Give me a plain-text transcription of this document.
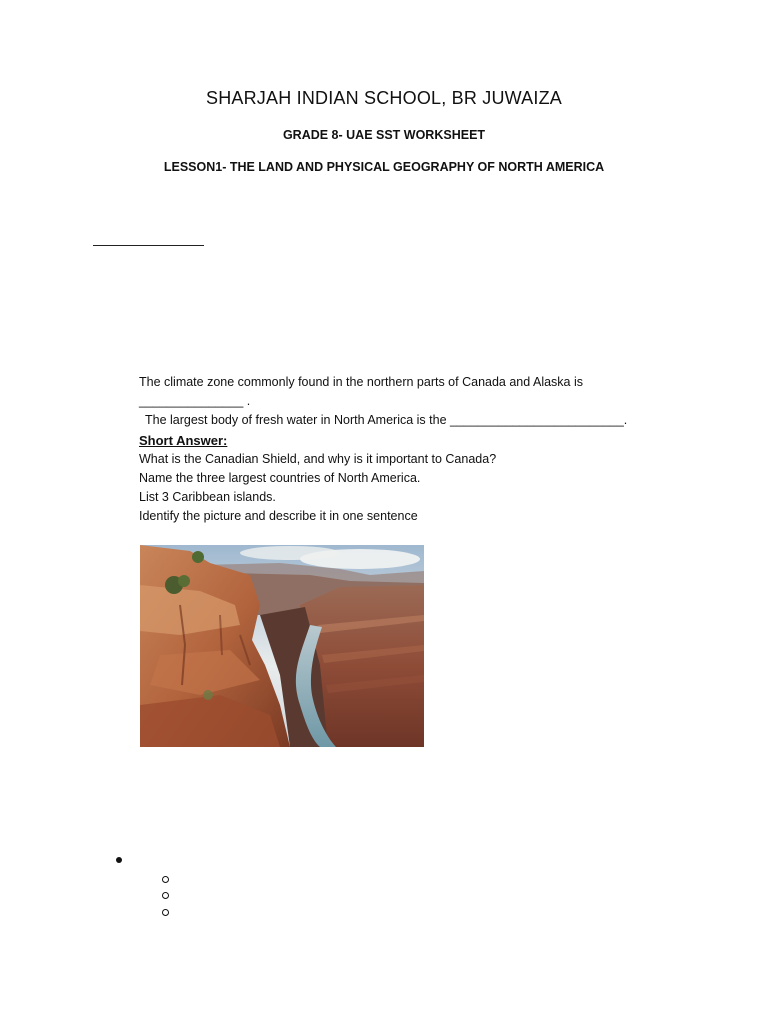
SHARJAH INDIAN SCHOOL, BR JUWAIZA
GRADE 8- UAE SST WORKSHEET
LESSON1- THE LAND AND PHYSICAL GEOGRAPHY OF NORTH AMERICA
The climate zone commonly found in the northern parts of Canada and Alaska is
_______________ .
The largest body of fresh water in North America is the _________________________.
Short Answer:
What is the Canadian Shield, and why is it important to Canada?
Name the three largest countries of North America.
List 3 Caribbean islands.
Identify the picture and describe it in one sentence
